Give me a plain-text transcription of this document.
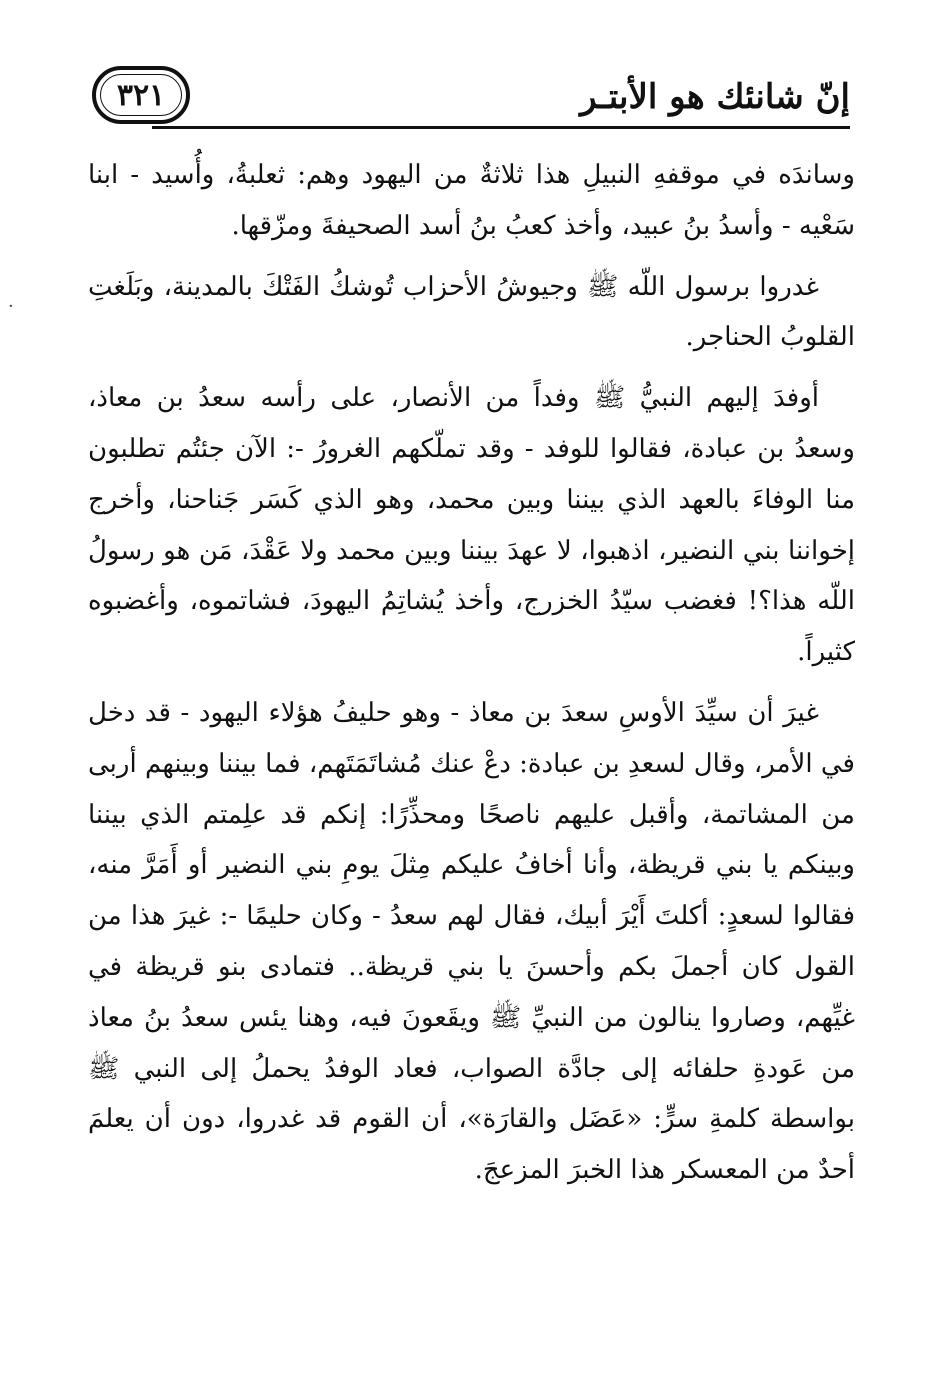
إنّ شانئك هو الأبتـر
٣٢١

وساندَه في موقفهِ النبيلِ هذا ثلاثةٌ من اليهود وهم: ثعلبةُ، وأُسيد - ابنا سَعْيه - وأسدُ بنُ عبيد، وأخذ كعبُ بنُ أسد الصحيفةَ ومزّقها.

غدروا برسول اللّه ﷺ وجيوشُ الأحزاب تُوشكُ الفَتْكَ بالمدينة، وبَلَغتِ القلوبُ الحناجر.

أوفدَ إليهم النبيُّ ﷺ وفداً من الأنصار، على رأسه سعدُ بن معاذ، وسعدُ بن عبادة، فقالوا للوفد - وقد تملّكهم الغرورُ -: الآن جئتُم تطلبون منا الوفاءَ بالعهد الذي بيننا وبين محمد، وهو الذي كَسَر جَناحنا، وأخرج إخواننا بني النضير، اذهبوا، لا عهدَ بيننا وبين محمد ولا عَقْدَ، مَن هو رسولُ اللّه هذا؟! فغضب سيّدُ الخزرج، وأخذ يُشاتِمُ اليهودَ، فشاتموه، وأغضبوه كثيراً.

غيرَ أن سيِّدَ الأوسِ سعدَ بن معاذ - وهو حليفُ هؤلاء اليهود - قد دخل في الأمر، وقال لسعدِ بن عبادة: دعْ عنك مُشاتَمَتَهم، فما بيننا وبينهم أربى من المشاتمة، وأقبل عليهم ناصحًا ومحذِّرًا: إنكم قد علِمتم الذي بيننا وبينكم يا بني قريظة، وأنا أخافُ عليكم مِثلَ يومِ بني النضير أو أَمَرَّ منه، فقالوا لسعدٍ: أكلتَ أَيْرَ أبيك، فقال لهم سعدُ - وكان حليمًا -: غيرَ هذا من القول كان أجملَ بكم وأحسنَ يا بني قريظة.. فتمادى بنو قريظة في غيِّهم، وصاروا ينالون من النبيِّ ﷺ ويقَعونَ فيه، وهنا يئس سعدُ بنُ معاذ من عَودةِ حلفائه إلى جادَّة الصواب، فعاد الوفدُ يحملُ إلى النبي ﷺ بواسطة كلمةِ سرٍّ: «عَضَل والقارَة»، أن القوم قد غدروا، دون أن يعلمَ أحدٌ من المعسكر هذا الخبرَ المزعجَ.

·
